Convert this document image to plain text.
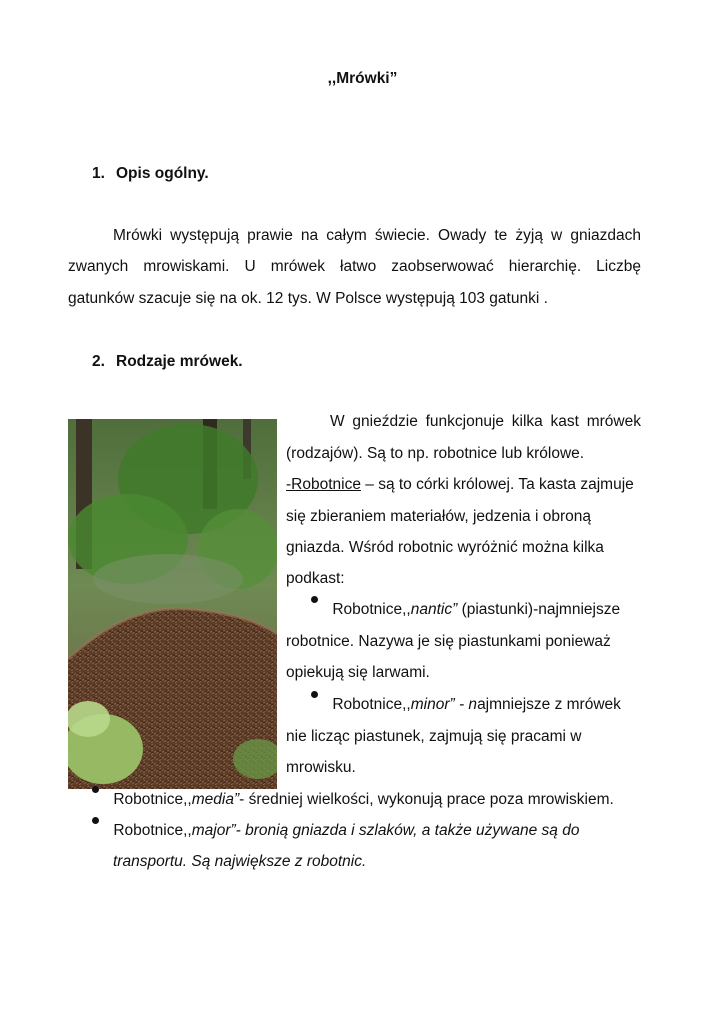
,,Mrówki”
1. Opis ogólny.
Mrówki występują prawie na całym świecie. Owady te żyją w gniazdach
zwanych mrowiskami. U mrówek łatwo zaobserwować hierarchię. Liczbę
gatunków szacuje się na ok. 12 tys. W Polsce występują 103 gatunki .
2. Rodzaje mrówek.
W gnieździe funkcjonuje kilka kast mrówek
(rodzajów). Są to np. robotnice lub królowe.
-Robotnice – są to córki królowej. Ta kasta zajmuje
się zbieraniem materiałów, jedzenia i obroną
gniazda. Wśród robotnic wyróżnić można kilka
podkast:
Robotnice,,nantic” (piastunki)-najmniejsze
robotnice. Nazywa je się piastunkami ponieważ
opiekują się larwami.
Robotnice,,minor” - najmniejsze z mrówek
nie licząc piastunek, zajmują się pracami w
mrowisku.
Robotnice,,media”- średniej wielkości, wykonują prace poza mrowiskiem.
Robotnice,,major”- bronią gniazda i szlaków, a także używane są do
transportu. Są największe z robotnic.
